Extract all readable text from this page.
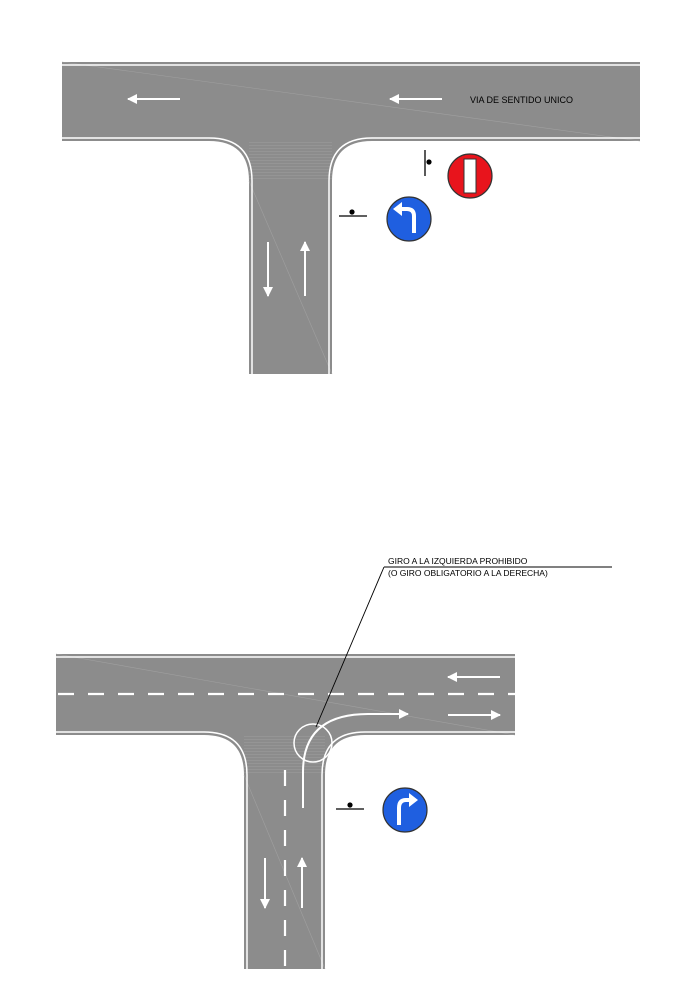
VIA DE SENTIDO UNICO
GIRO A LA IZQUIERDA PROHIBIDO
(O GIRO OBLIGATORIO A LA DERECHA)
